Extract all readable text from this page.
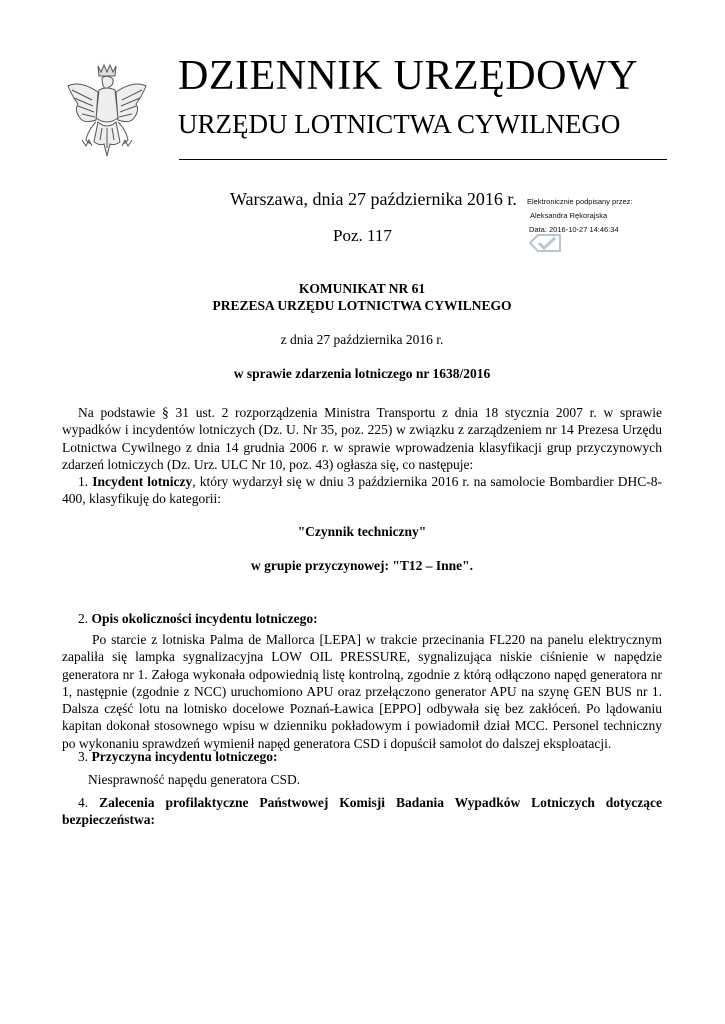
DZIENNIK URZĘDOWY
URZĘDU LOTNICTWA CYWILNEGO
Warszawa, dnia 27 października 2016 r.
Poz. 117
Elektronicznie podpisany przez:
Aleksandra Rękorajska
Data: 2016-10-27 14:46:34
KOMUNIKAT NR 61
PREZESA URZĘDU LOTNICTWA CYWILNEGO
z dnia 27 października 2016 r.
w sprawie zdarzenia lotniczego nr 1638/2016

Na podstawie § 31 ust. 2 rozporządzenia Ministra Transportu z dnia 18 stycznia 2007 r. w sprawie wypadków i incydentów lotniczych (Dz. U. Nr 35, poz. 225) w związku z zarządzeniem nr 14 Prezesa Urzędu Lotnictwa Cywilnego z dnia 14 grudnia 2006 r. w sprawie wprowadzenia klasyfikacji grup przyczynowych zdarzeń lotniczych (Dz. Urz. ULC Nr 10, poz. 43) ogłasza się, co następuje:

1. Incydent lotniczy, który wydarzył się w dniu 3 października 2016 r. na samolocie Bombardier DHC-8-400, klasyfikuję do kategorii:

"Czynnik techniczny"
w grupie przyczynowej: "T12 – Inne".

2. Opis okoliczności incydentu lotniczego:

Po starcie z lotniska Palma de Mallorca [LEPA] w trakcie przecinania FL220 na panelu elektrycznym zapaliła się lampka sygnalizacyjna LOW OIL PRESSURE, sygnalizująca niskie ciśnienie w napędzie generatora nr 1. Załoga wykonała odpowiednią listę kontrolną, zgodnie z którą odłączono napęd generatora nr 1, następnie (zgodnie z NCC) uruchomiono APU oraz przełączono generator APU na szynę GEN BUS nr 1. Dalsza część lotu na lotnisko docelowe Poznań-Ławica [EPPO] odbywała się bez zakłóceń. Po lądowaniu kapitan dokonał stosownego wpisu w dzienniku pokładowym i powiadomił dział MCC. Personel techniczny po wykonaniu sprawdzeń wymienił napęd generatora CSD i dopuścił samolot do dalszej eksploatacji.

3. Przyczyna incydentu lotniczego:

Niesprawność napędu generatora CSD.

4. Zalecenia profilaktyczne Państwowej Komisji Badania Wypadków Lotniczych dotyczące bezpieczeństwa:
